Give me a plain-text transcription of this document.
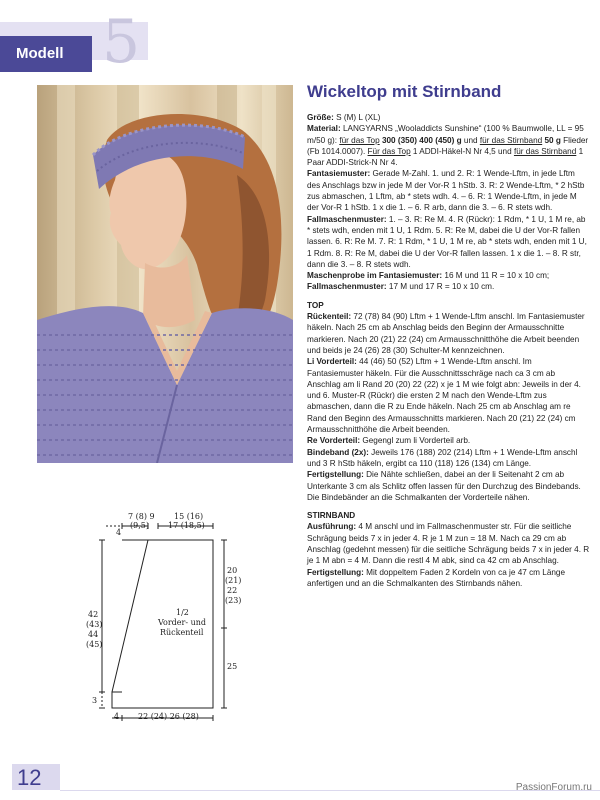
Modell 5
Wickeltop mit Stirnband

Größe: S (M) L (XL)

Material: LANGYARNS „Wooladdicts Sunshine“ (100 % Baumwolle, LL = 95 m/50 g): für das Top 300 (350) 400 (450) g und für das Stirnband 50 g Flieder (Fb 1014.0007). Für das Top 1 ADDI-Häkel-N Nr 4,5 und für das Stirnband 1 Paar ADDI-Strick-N Nr 4.

Fantasiemuster: Gerade M-Zahl. 1. und 2. R: 1 Wende-Lftm, in jede Lftm des Anschlags bzw in jede M der Vor-R 1 hStb. 3. R: 2 Wende-Lftm, * 2 hStb zus abmaschen, 1 Lftm, ab * stets wdh. 4. – 6. R: 1 Wende-Lftm, in jede M der Vor-R 1 hStb. 1 x die 1. – 6. R arb, dann die 3. – 6. R stets wdh.

Fallmaschenmuster: 1. – 3. R: Re M. 4. R (Rückr): 1 Rdm, * 1 U, 1 M re, ab * stets wdh, enden mit 1 U, 1 Rdm. 5. R: Re M, dabei die U der Vor-R fallen lassen. 6. R: Re M. 7. R: 1 Rdm, * 1 U, 1 M re, ab * stets wdh, enden mit 1 U, 1 Rdm. 8. R: Re M, dabei die U der Vor-R fallen lassen. 1 x die 1. – 8. R str, dann die 3. – 8. R stets wdh.

Maschenprobe im Fantasiemuster: 16 M und 11 R = 10 x 10 cm; Fallmaschenmuster: 17 M und 17 R = 10 x 10 cm.

TOP

Rückenteil: 72 (78) 84 (90) Lftm + 1 Wende-Lftm anschl. Im Fantasiemuster häkeln. Nach 25 cm ab Anschlag beids den Beginn der Armausschnitte markieren. Nach 20 (21) 22 (24) cm Armausschnitthöhe die Arbeit beenden und beids je 24 (26) 28 (30) Schulter-M kennzeichnen.

Li Vorderteil: 44 (46) 50 (52) Lftm + 1 Wende-Lftm anschl. Im Fantasiemuster häkeln. Für die Ausschnittsschräge nach ca 3 cm ab Anschlag am li Rand 20 (20) 22 (22) x je 1 M wie folgt abn: Jeweils in der 4. und 6. Muster-R (Rückr) die ersten 2 M nach den Wende-Lftm zus abmaschen, dann die R zu Ende häkeln. Nach 25 cm ab Anschlag am re Rand den Beginn des Armausschnitts markieren. Nach 20 (21) 22 (24) cm Armausschnitthöhe die Arbeit beenden.

Re Vorderteil: Gegengl zum li Vorderteil arb.

Bindeband (2x): Jeweils 176 (188) 202 (214) Lftm + 1 Wende-Lftm anschl und 3 R hStb häkeln, ergibt ca 110 (118) 126 (134) cm Länge.

Fertigstellung: Die Nähte schließen, dabei an der li Seitenaht 2 cm ab Unterkante 3 cm als Schlitz offen lassen für den Durchzug des Bindebands. Die Bindebänder an die Schmalkanten der Vorderteile nähen.

STIRNBAND

Ausführung: 4 M anschl und im Fallmaschenmuster str. Für die seitliche Schrägung beids 7 x in jeder 4. R je 1 M zun = 18 M. Nach ca 29 cm ab Anschlag (gedehnt messen) für die seitliche Schrägung beids 7 x in jeder 4. R je 1 M abn = 4 M. Dann die restl 4 M abk, sind ca 42 cm ab Anschlag.

Fertigstellung: Mit doppeltem Faden 2 Kordeln von ca je 47 cm Länge anfertigen und an die Schmalkanten des Stirnbands nähen.

7 (8) 9
(9,5)
4
15 (16)
17 (18,5)
20
(21)
22
(23)
25
42
(43)
44
(45)
3
1/2
Vorder- und
Rückenteil
4 22 (24) 26 (28)
12	PassionForum.ru
